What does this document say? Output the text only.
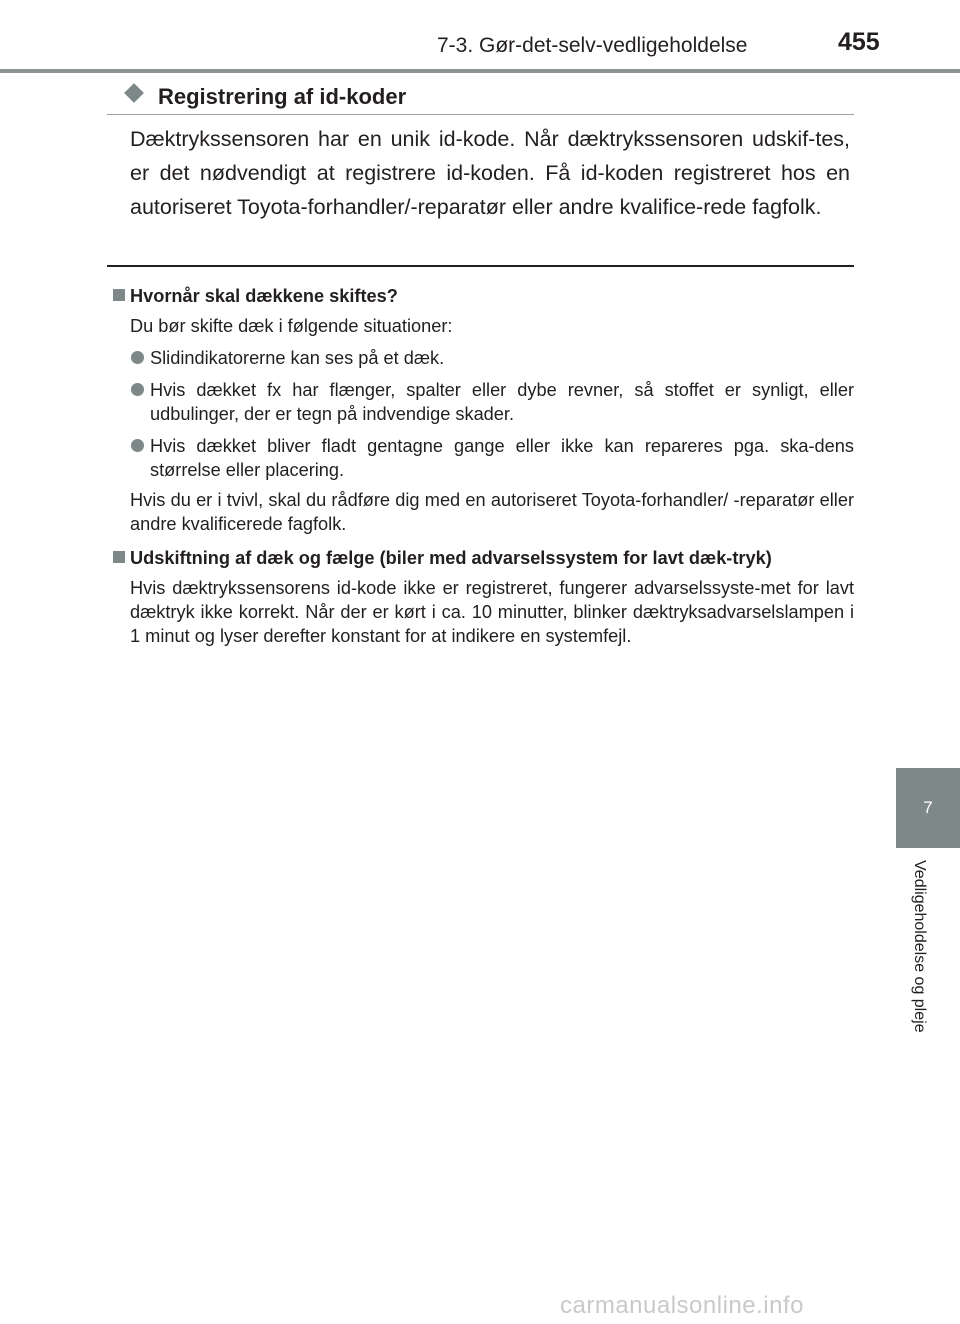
7-3. Gør-det-selv-vedligeholdelse	455
Registrering af id-koder
Dæktrykssensoren har en unik id-kode. Når dæktrykssensoren udskif-tes, er det nødvendigt at registrere id-koden. Få id-koden registreret hos en autoriseret Toyota-forhandler/-reparatør eller andre kvalifice-rede fagfolk.
Hvornår skal dækkene skiftes?
Du bør skifte dæk i følgende situationer:
Slidindikatorerne kan ses på et dæk.
Hvis dækket fx har flænger, spalter eller dybe revner, så stoffet er synligt, eller udbulinger, der er tegn på indvendige skader.
Hvis dækket bliver fladt gentagne gange eller ikke kan repareres pga. ska-dens størrelse eller placering.
Hvis du er i tvivl, skal du rådføre dig med en autoriseret Toyota-forhandler/ -reparatør eller andre kvalificerede fagfolk.
Udskiftning af dæk og fælge (biler med advarselssystem for lavt dæk-tryk)
Hvis dæktrykssensorens id-kode ikke er registreret, fungerer advarselssyste-met for lavt dæktryk ikke korrekt. Når der er kørt i ca. 10 minutter, blinker dæktryksadvarselslampen i 1 minut og lyser derefter konstant for at indikere en systemfejl.
7
Vedligeholdelse og pleje
carmanualsonline.info
